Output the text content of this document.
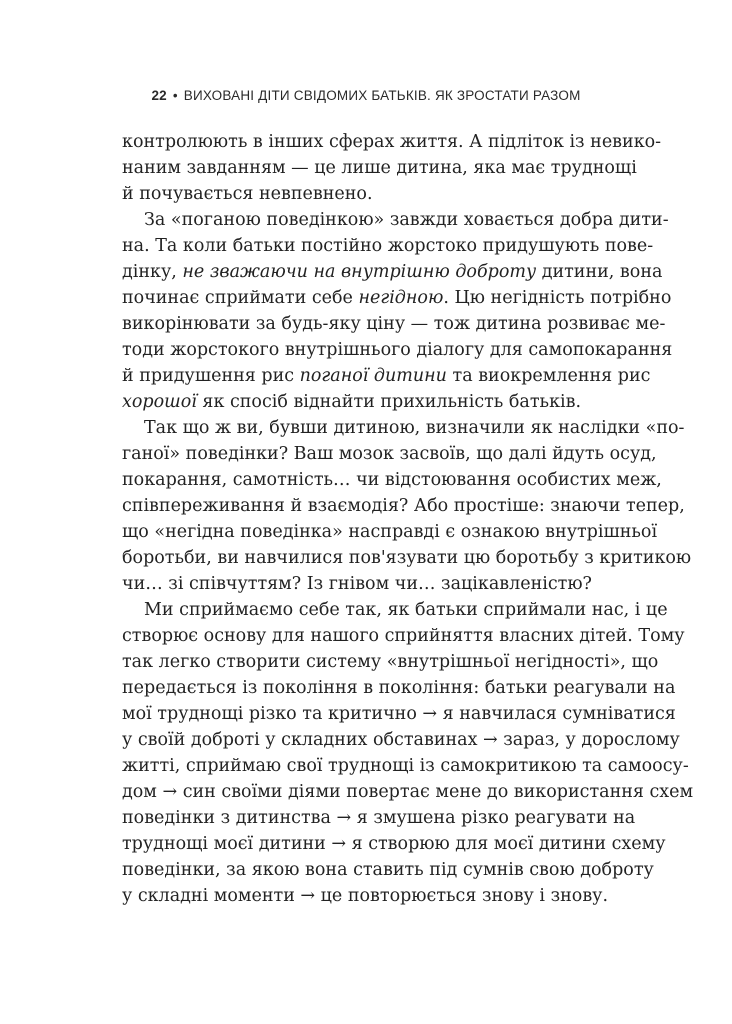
22 • ВИХОВАНІ ДІТИ СВІДОМИХ БАТЬКІВ. ЯК ЗРОСТАТИ РАЗОМ
контролюють в інших сферах життя. А підліток із невико-
наним завданням — це лише дитина, яка має труднощі
й почувається невпевнено.
За «поганою поведінкою» завжди ховається добра дити-
на. Та коли батьки постійно жорстоко придушують пове-
дінку, не зважаючи на внутрішню доброту дитини, вона
починає сприймати себе негідною. Цю негідність потрібно
викорінювати за будь-яку ціну — тож дитина розвиває ме-
тоди жорстокого внутрішнього діалогу для самопокарання
й придушення рис поганої дитини та виокремлення рис
хорошої як спосіб віднайти прихильність батьків.
Так що ж ви, бувши дитиною, визначили як наслідки «по-
ганої» поведінки? Ваш мозок засвоїв, що далі йдуть осуд,
покарання, самотність… чи відстоювання особистих меж,
співпереживання й взаємодія? Або простіше: знаючи тепер,
що «негідна поведінка» насправді є ознакою внутрішньої
боротьби, ви навчилися пов'язувати цю боротьбу з критикою
чи… зі співчуттям? Із гнівом чи… зацікавленістю?
Ми сприймаємо себе так, як батьки сприймали нас, і це
створює основу для нашого сприйняття власних дітей. Тому
так легко створити систему «внутрішньої негідності», що
передається із покоління в покоління: батьки реагували на
мої труднощі різко та критично → я навчилася сумніватися
у своїй доброті у складних обставинах → зараз, у дорослому
житті, сприймаю свої труднощі із самокритикою та самоосу-
дом → син своїми діями повертає мене до використання схем
поведінки з дитинства → я змушена різко реагувати на
труднощі моєї дитини → я створюю для моєї дитини схему
поведінки, за якою вона ставить під сумнів свою доброту
у складні моменти → це повторюється знову і знову.
